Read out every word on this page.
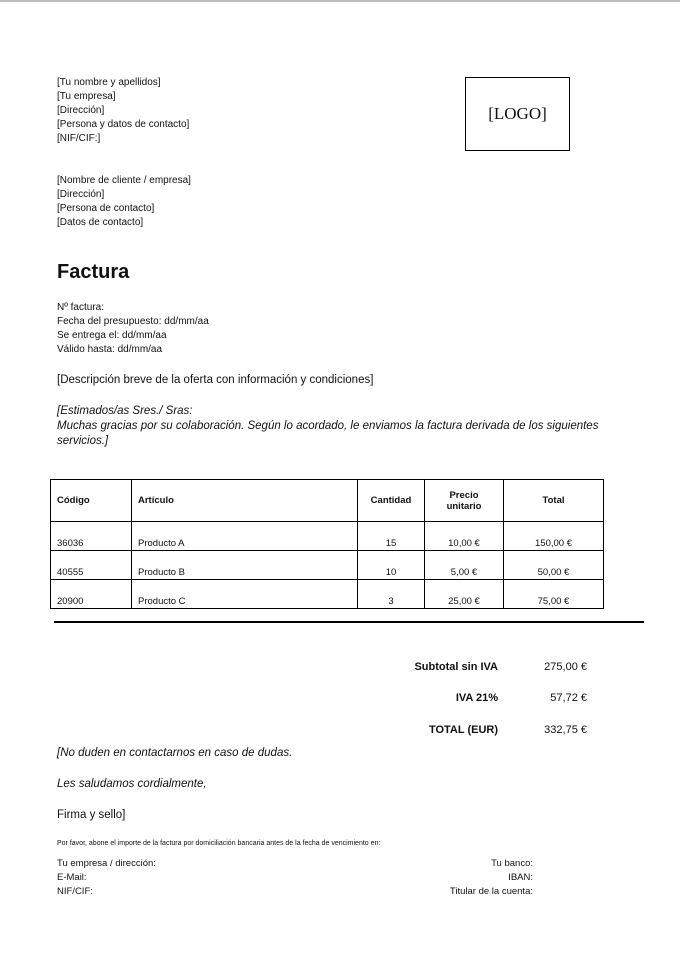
[Tu nombre y apellidos]
[Tu empresa]
[Dirección]
[Persona y datos de contacto]
[NIF/CIF:]
[LOGO]
[Nombre de cliente / empresa]
[Dirección]
[Persona de contacto]
[Datos de contacto]
Factura
Nº factura:
Fecha del presupuesto: dd/mm/aa
Se entrega el: dd/mm/aa
Válido hasta: dd/mm/aa
[Descripción breve de la oferta con información y condiciones]
[Estimados/as Sres./ Sras:
Muchas gracias por su colaboración. Según lo acordado, le enviamos la factura derivada de los siguientes
servicios.]
Código	Artículo	Cantidad	Precio
unitario	Total
36036	Producto A	15	10,00 €	150,00 €
40555	Producto B	10	5,00 €	50,00 €
20900	Producto C	3	25,00 €	75,00 €
Subtotal sin IVA	275,00 €
IVA 21%	57,72 €
TOTAL (EUR)	332,75 €
[No duden en contactarnos en caso de dudas.
Les saludamos cordialmente,
Firma y sello]
Por favor, abone el importe de la factura por domiciliación bancaria antes de la fecha de vencimiento en:
Tu empresa / dirección:
E-Mail:
NIF/CIF:
Tu banco:
IBAN:
Titular de la cuenta:
